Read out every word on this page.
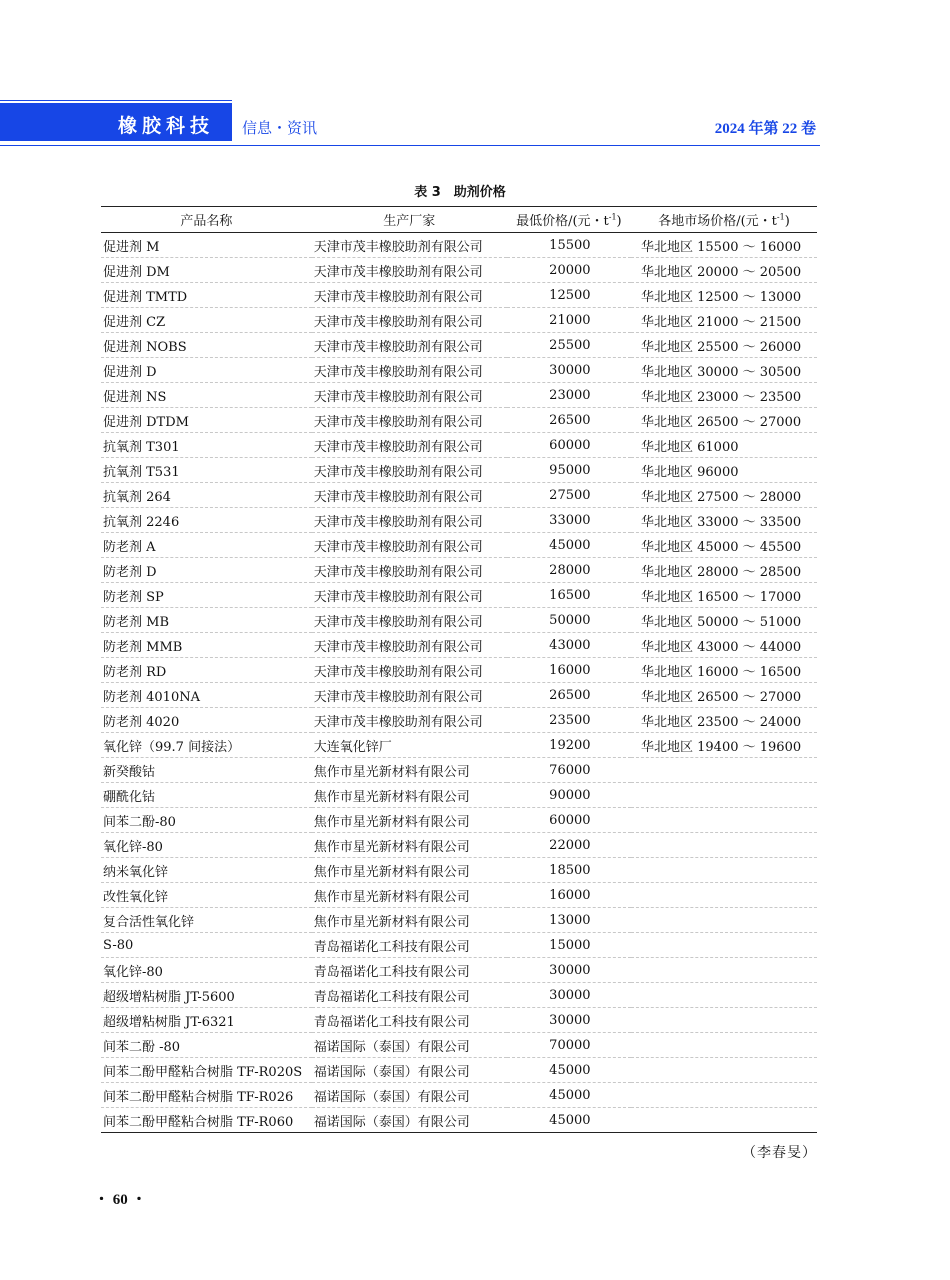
橡胶科技 信息・资讯	2024 年第 22 卷
表 3　助剂价格
产品名称	生产厂家	最低价格/(元・$t^{-1}$)	各地市场价格/(元・$t^{-1}$)
促进剂 M	天津市茂丰橡胶助剂有限公司	15500	华北地区 15500 ～ 16000
促进剂 DM	天津市茂丰橡胶助剂有限公司	20000	华北地区 20000 ～ 20500
促进剂 TMTD	天津市茂丰橡胶助剂有限公司	12500	华北地区 12500 ～ 13000
促进剂 CZ	天津市茂丰橡胶助剂有限公司	21000	华北地区 21000 ～ 21500
促进剂 NOBS	天津市茂丰橡胶助剂有限公司	25500	华北地区 25500 ～ 26000
促进剂 D	天津市茂丰橡胶助剂有限公司	30000	华北地区 30000 ～ 30500
促进剂 NS	天津市茂丰橡胶助剂有限公司	23000	华北地区 23000 ～ 23500
促进剂 DTDM	天津市茂丰橡胶助剂有限公司	26500	华北地区 26500 ～ 27000
抗氧剂 T301	天津市茂丰橡胶助剂有限公司	60000	华北地区 61000
抗氧剂 T531	天津市茂丰橡胶助剂有限公司	95000	华北地区 96000
抗氧剂 264	天津市茂丰橡胶助剂有限公司	27500	华北地区 27500 ～ 28000
抗氧剂 2246	天津市茂丰橡胶助剂有限公司	33000	华北地区 33000 ～ 33500
防老剂 A	天津市茂丰橡胶助剂有限公司	45000	华北地区 45000 ～ 45500
防老剂 D	天津市茂丰橡胶助剂有限公司	28000	华北地区 28000 ～ 28500
防老剂 SP	天津市茂丰橡胶助剂有限公司	16500	华北地区 16500 ～ 17000
防老剂 MB	天津市茂丰橡胶助剂有限公司	50000	华北地区 50000 ～ 51000
防老剂 MMB	天津市茂丰橡胶助剂有限公司	43000	华北地区 43000 ～ 44000
防老剂 RD	天津市茂丰橡胶助剂有限公司	16000	华北地区 16000 ～ 16500
防老剂 4010NA	天津市茂丰橡胶助剂有限公司	26500	华北地区 26500 ～ 27000
防老剂 4020	天津市茂丰橡胶助剂有限公司	23500	华北地区 23500 ～ 24000
氧化锌（99.7 间接法）	大连氧化锌厂	19200	华北地区 19400 ～ 19600
新癸酸钴	焦作市星光新材料有限公司	76000	
硼酰化钴	焦作市星光新材料有限公司	90000	
间苯二酚-80	焦作市星光新材料有限公司	60000	
氧化锌-80	焦作市星光新材料有限公司	22000	
纳米氧化锌	焦作市星光新材料有限公司	18500	
改性氧化锌	焦作市星光新材料有限公司	16000	
复合活性氧化锌	焦作市星光新材料有限公司	13000	
S-80	青岛福诺化工科技有限公司	15000	
氧化锌-80	青岛福诺化工科技有限公司	30000	
超级增粘树脂 JT-5600	青岛福诺化工科技有限公司	30000	
超级增粘树脂 JT-6321	青岛福诺化工科技有限公司	30000	
间苯二酚 -80	福诺国际（泰国）有限公司	70000	
间苯二酚甲醛粘合树脂 TF-R020S	福诺国际（泰国）有限公司	45000	
间苯二酚甲醛粘合树脂 TF-R026	福诺国际（泰国）有限公司	45000	
间苯二酚甲醛粘合树脂 TF-R060	福诺国际（泰国）有限公司	45000	
（李春旻）
・ 60 ・
